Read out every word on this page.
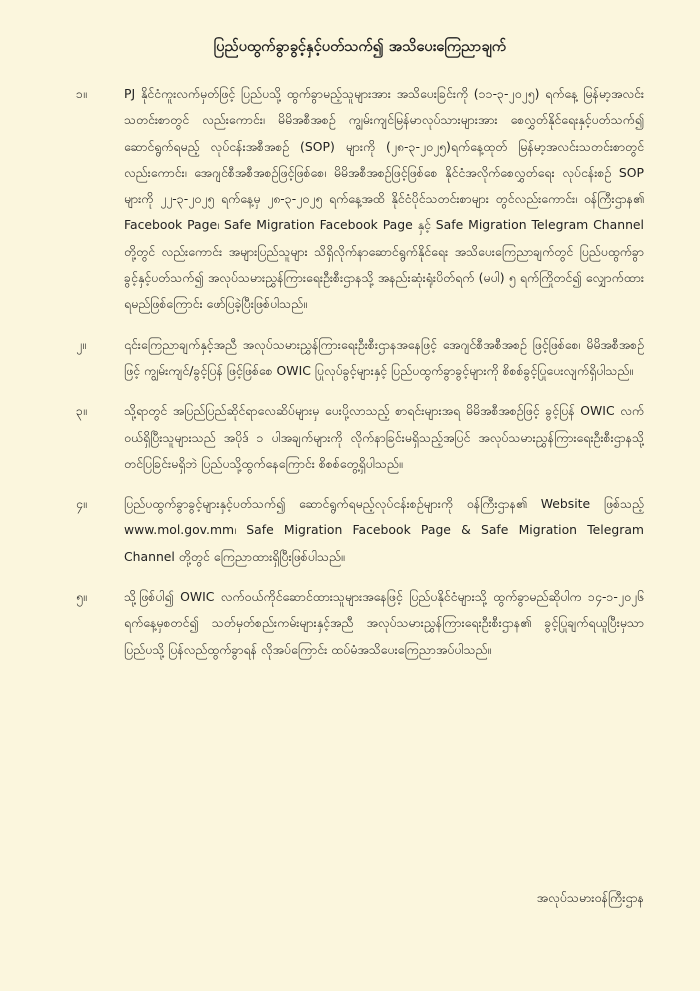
ပြည်ပထွက်ခွာခွင့်နှင့်ပတ်သက်၍ အသိပေးကြေညာချက်
၁။	PJ နိုင်ငံကူးလက်မှတ်ဖြင့် ပြည်ပသို့ ထွက်ခွာမည့်သူများအား အသိပေးခြင်းကို (၁၁-၃-၂၀၂၅) ရက်နေ့ မြန်မာ့အလင်းသတင်းစာတွင် လည်းကောင်း၊ မိမိအစီအစဉ် ကျွမ်းကျင်မြန်မာလုပ်သားများအား စေလွှတ်နိုင်ရေးနှင့်ပတ်သက်၍ ဆောင်ရွက်ရမည့် လုပ်ငန်းအစီအစဉ် (SOP) များကို (၂၈-၃-၂၀၂၅)ရက်နေ့ထုတ် မြန်မာ့အလင်းသတင်းစာတွင် လည်းကောင်း၊ အေဂျင်စီအစီအစဉ်ဖြင့်ဖြစ်စေ၊ မိမိအစီအစဉ်ဖြင့်ဖြစ်စေ နိုင်ငံအလိုက်စေလွှတ်ရေး လုပ်ငန်းစဉ် SOP များကို ၂၂-၃-၂၀၂၅ ရက်နေ့မှ ၂၈-၃-၂၀၂၅ ရက်နေ့အထိ နိုင်ငံပိုင်သတင်းစာများ တွင်လည်းကောင်း၊ ဝန်ကြီးဌာန၏ Facebook Page၊ Safe Migration Facebook Page နှင့် Safe Migration Telegram Channel တို့တွင် လည်းကောင်း အများပြည်သူများ သိရှိလိုက်နာဆောင်ရွက်နိုင်ရေး အသိပေးကြေညာချက်တွင် ပြည်ပထွက်ခွာခွင့်နှင့်ပတ်သက်၍ အလုပ်သမားညွှန်ကြားရေးဦးစီးဌာနသို့ အနည်းဆုံးရုံးပိတ်ရက် (မပါ) ၅ ရက်ကြိုတင်၍ လျှောက်ထားရမည်ဖြစ်ကြောင်း ဖော်ပြခဲ့ပြီးဖြစ်ပါသည်။
၂။	၎င်းကြေညာချက်နှင့်အညီ အလုပ်သမားညွှန်ကြားရေးဦးစီးဌာနအနေဖြင့် အေဂျင်စီအစီအစဉ် ဖြင့်ဖြစ်စေ၊ မိမိအစီအစဉ်ဖြင့် ကျွမ်းကျင်/ခွင့်ပြန် ဖြင့်ဖြစ်စေ OWIC ပြုလုပ်ခွင့်များနှင့် ပြည်ပထွက်ခွာခွင့်များကို စိစစ်ခွင့်ပြုပေးလျက်ရှိပါသည်။
၃။	သို့ရာတွင် အပြည်ပြည်ဆိုင်ရာလေဆိပ်များမှ ပေးပို့လာသည့် စာရင်းများအရ မိမိအစီအစဉ်ဖြင့် ခွင့်ပြန် OWIC လက်ဝယ်ရှိပြီးသူများသည် အပိုဒ် ၁ ပါအချက်များကို လိုက်နာခြင်းမရှိသည့်အပြင် အလုပ်သမားညွှန်ကြားရေးဦးစီးဌာနသို့ တင်ပြခြင်းမရှိဘဲ ပြည်ပသို့ထွက်နေကြောင်း စိစစ်တွေ့ရှိပါသည်။
၄။	ပြည်ပထွက်ခွာခွင့်များနှင့်ပတ်သက်၍ ဆောင်ရွက်ရမည့်လုပ်ငန်းစဉ်များကို ဝန်ကြီးဌာန၏ Website ဖြစ်သည့် www.mol.gov.mm၊ Safe Migration Facebook Page & Safe Migration Telegram Channel တို့တွင် ကြေညာထားရှိပြီးဖြစ်ပါသည်။
၅။	သို့ဖြစ်ပါ၍ OWIC လက်ဝယ်ကိုင်ဆောင်ထားသူများအနေဖြင့် ပြည်ပနိုင်ငံများသို့ ထွက်ခွာမည်ဆိုပါက ၁၄-၁-၂၀၂၆ ရက်နေ့မှစတင်၍ သတ်မှတ်စည်းကမ်းများနှင့်အညီ အလုပ်သမားညွှန်ကြားရေးဦးစီးဌာန၏ ခွင့်ပြုချက်ရယူပြီးမှသာ ပြည်ပသို့ ပြန်လည်ထွက်ခွာရန် လိုအပ်ကြောင်း ထပ်မံအသိပေးကြေညာအပ်ပါသည်။
အလုပ်သမားဝန်ကြီးဌာန
